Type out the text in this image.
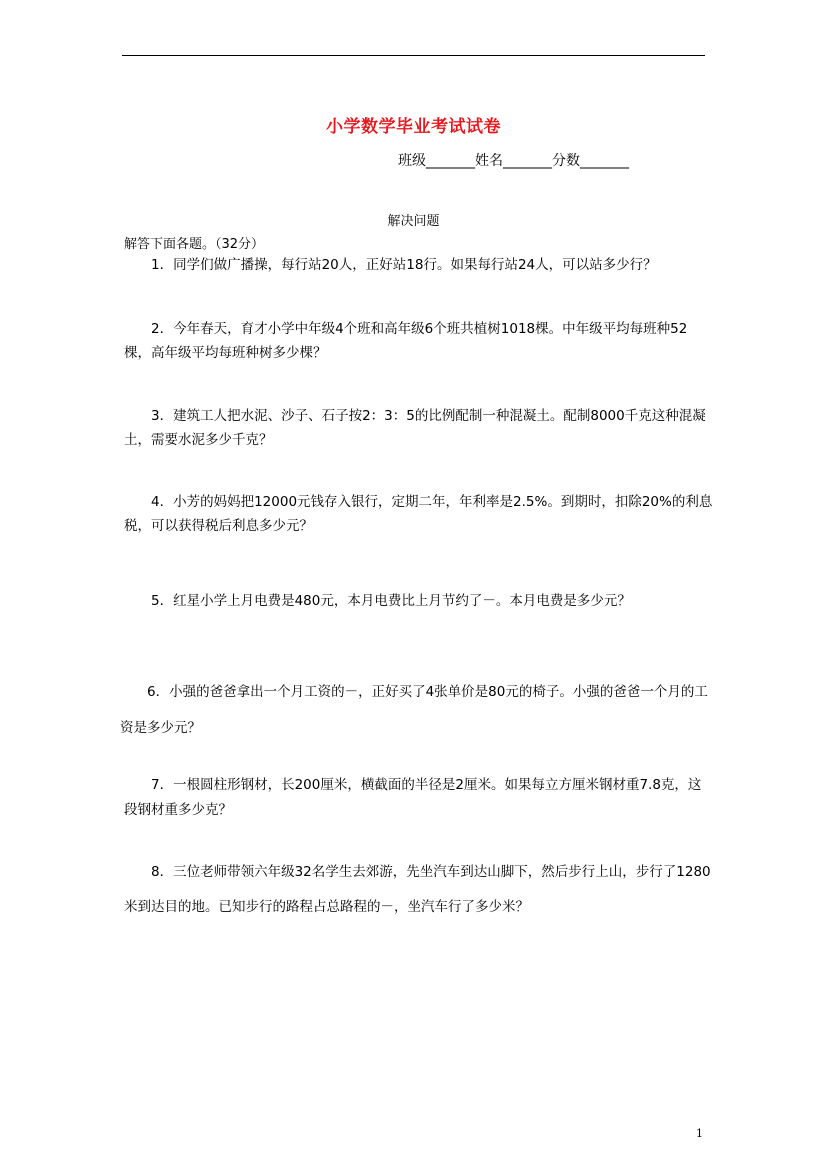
小学数学毕业考试试卷
班级_______姓名_______分数_______
解决问题
解答下面各题。（32分）

1．同学们做广播操，每行站20人，正好站18行。如果每行站24人，可以站多少行？

2．今年春天，育才小学中年级4个班和高年级6个班共植树1018棵。中年级平均每班种52棵，高年级平均每班种树多少棵？

3．建筑工人把水泥、沙子、石子按2：3：5的比例配制一种混凝土。配制8000千克这种混凝土，需要水泥多少千克？

4．小芳的妈妈把12000元钱存入银行，定期二年，年利率是2.5%。到期时，扣除20%的利息税，可以获得税后利息多少元？

5．红星小学上月电费是480元，本月电费比上月节约了－。本月电费是多少元？

6．小强的爸爸拿出一个月工资的－，正好买了4张单价是80元的椅子。小强的爸爸一个月的工资是多少元？

7．一根圆柱形钢材，长200厘米，横截面的半径是2厘米。如果每立方厘米钢材重7.8克，这段钢材重多少克？

8．三位老师带领六年级32名学生去郊游，先坐汽车到达山脚下，然后步行上山，步行了1280米到达目的地。已知步行的路程占总路程的－，坐汽车行了多少米？

1
